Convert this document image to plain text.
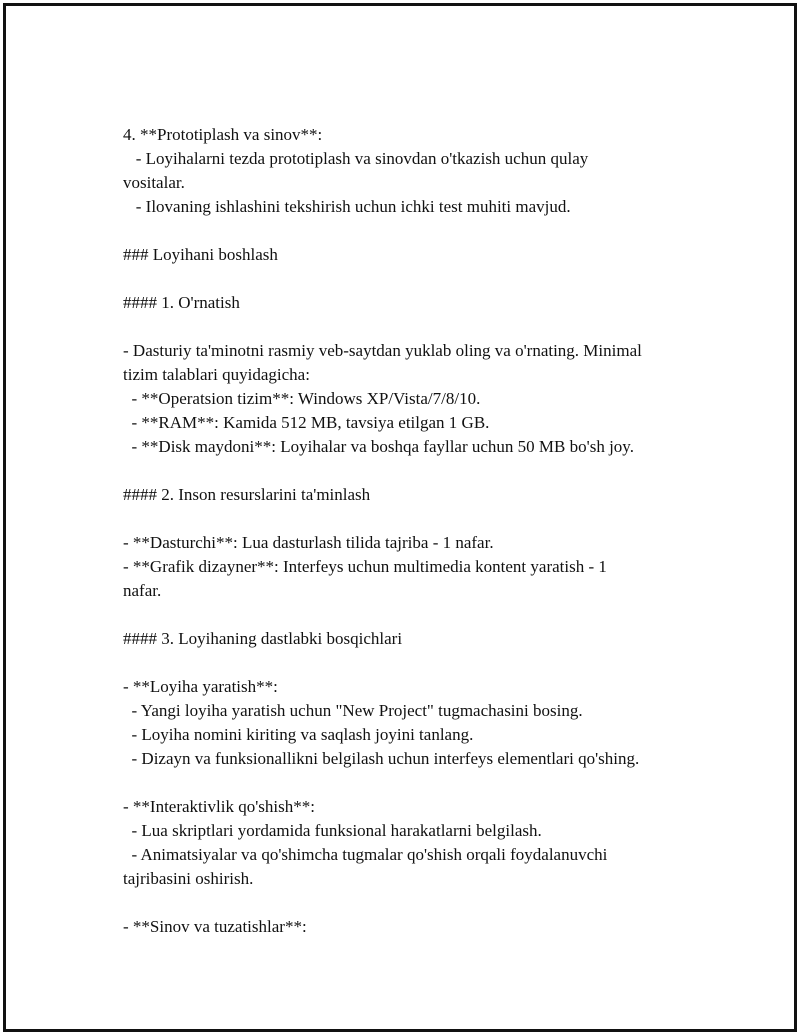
4. **Prototiplash va sinov**:

- Loyihalarni tezda prototiplash va sinovdan o'tkazish uchun qulay

vositalar.

- Ilovaning ishlashini tekshirish uchun ichki test muhiti mavjud.

### Loyihani boshlash

#### 1. O'rnatish

- Dasturiy ta'minotni rasmiy veb-saytdan yuklab oling va o'rnating. Minimal

tizim talablari quyidagicha:

- **Operatsion tizim**: Windows XP/Vista/7/8/10.

- **RAM**: Kamida 512 MB, tavsiya etilgan 1 GB.

- **Disk maydoni**: Loyihalar va boshqa fayllar uchun 50 MB bo'sh joy.

#### 2. Inson resurslarini ta'minlash

- **Dasturchi**: Lua dasturlash tilida tajriba - 1 nafar.

- **Grafik dizayner**: Interfeys uchun multimedia kontent yaratish - 1

nafar.

#### 3. Loyihaning dastlabki bosqichlari

- **Loyiha yaratish**:

- Yangi loyiha yaratish uchun "New Project" tugmachasini bosing.

- Loyiha nomini kiriting va saqlash joyini tanlang.

- Dizayn va funksionallikni belgilash uchun interfeys elementlari qo'shing.

- **Interaktivlik qo'shish**:

- Lua skriptlari yordamida funksional harakatlarni belgilash.

- Animatsiyalar va qo'shimcha tugmalar qo'shish orqali foydalanuvchi

tajribasini oshirish.

- **Sinov va tuzatishlar**:
